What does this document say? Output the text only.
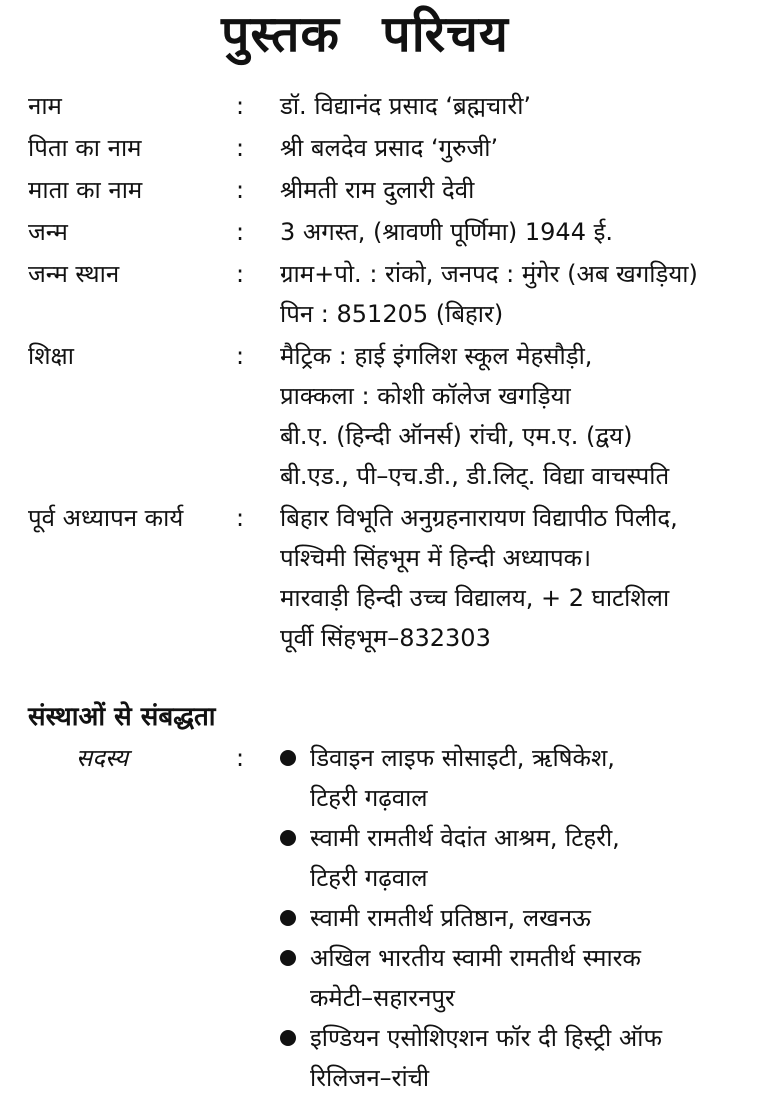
पुस्तक परिचय
नाम	: डॉ. विद्यानंद प्रसाद ‘ब्रह्मचारी’
पिता का नाम	: श्री बलदेव प्रसाद ‘गुरुजी’
माता का नाम	: श्रीमती राम दुलारी देवी
जन्म	: 3 अगस्त, (श्रावणी पूर्णिमा) 1944 ई.
जन्म स्थान	: ग्राम+पो. : रांको, जनपद : मुंगेर (अब खगड़िया)
पिन : 851205 (बिहार)
शिक्षा	: मैट्रिक : हाई इंगलिश स्कूल मेहसौड़ी,
प्राक्कला : कोशी कॉलेज खगड़िया
बी.ए. (हिन्दी ऑनर्स) रांची, एम.ए. (द्वय)
बी.एड., पी–एच.डी., डी.लिट्. विद्या वाचस्पति
पूर्व अध्यापन कार्य : बिहार विभूति अनुग्रहनारायण विद्यापीठ पिलीद,
पश्चिमी सिंहभूम में हिन्दी अध्यापक।
मारवाड़ी हिन्दी उच्च विद्यालय, + 2 घाटशिला
पूर्वी सिंहभूम–832303
संस्थाओं से संबद्धता
सदस्य	:	डिवाइन लाइफ सोसाइटी, ऋषिकेश,
टिहरी गढ़वाल
स्वामी रामतीर्थ वेदांत आश्रम, टिहरी,
टिहरी गढ़वाल
स्वामी रामतीर्थ प्रतिष्ठान, लखनऊ
अखिल भारतीय स्वामी रामतीर्थ स्मारक
कमेटी–सहारनपुर
इण्डियन एसोशिएशन फॉर दी हिस्ट्री ऑफ
रिलिजन–रांची
